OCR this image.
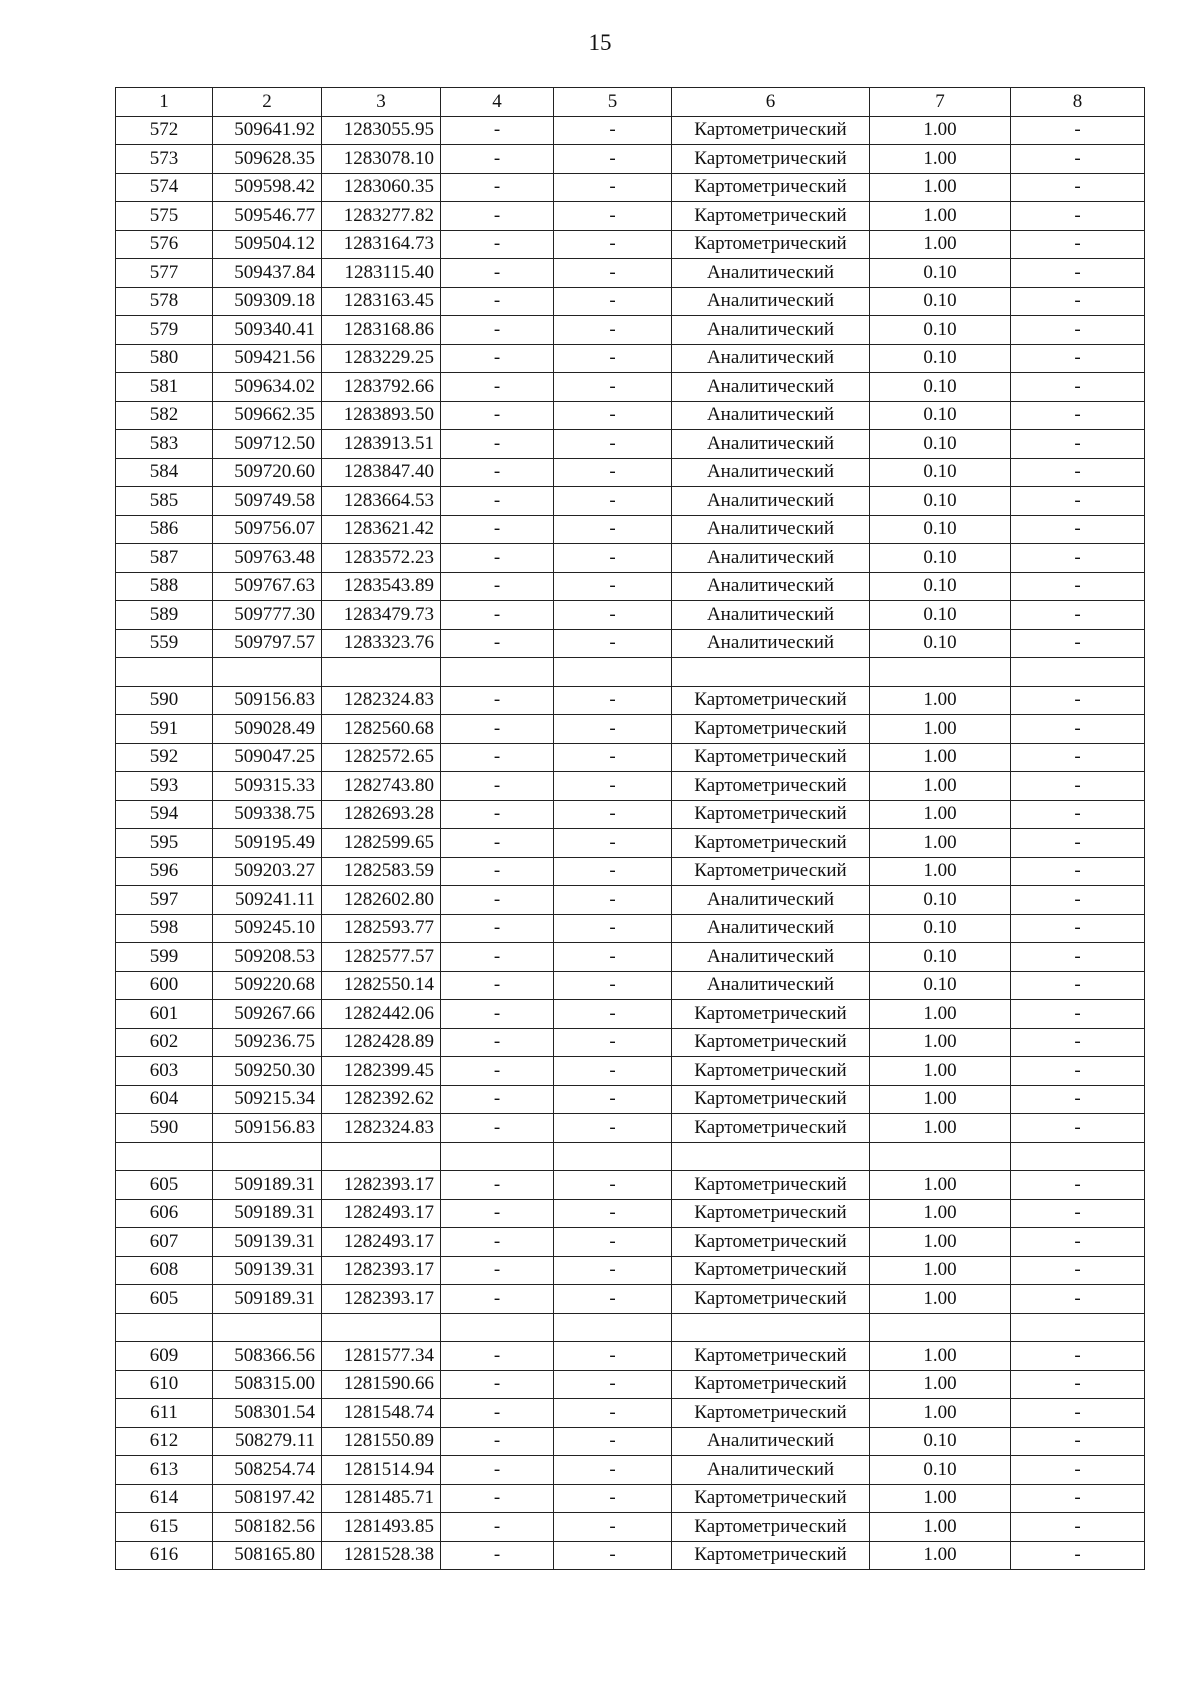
15
1	2	3	4	5	6	7	8
572	509641.92	1283055.95	-	-	Картометрический	1.00	-
573	509628.35	1283078.10	-	-	Картометрический	1.00	-
574	509598.42	1283060.35	-	-	Картометрический	1.00	-
575	509546.77	1283277.82	-	-	Картометрический	1.00	-
576	509504.12	1283164.73	-	-	Картометрический	1.00	-
577	509437.84	1283115.40	-	-	Аналитический	0.10	-
578	509309.18	1283163.45	-	-	Аналитический	0.10	-
579	509340.41	1283168.86	-	-	Аналитический	0.10	-
580	509421.56	1283229.25	-	-	Аналитический	0.10	-
581	509634.02	1283792.66	-	-	Аналитический	0.10	-
582	509662.35	1283893.50	-	-	Аналитический	0.10	-
583	509712.50	1283913.51	-	-	Аналитический	0.10	-
584	509720.60	1283847.40	-	-	Аналитический	0.10	-
585	509749.58	1283664.53	-	-	Аналитический	0.10	-
586	509756.07	1283621.42	-	-	Аналитический	0.10	-
587	509763.48	1283572.23	-	-	Аналитический	0.10	-
588	509767.63	1283543.89	-	-	Аналитический	0.10	-
589	509777.30	1283479.73	-	-	Аналитический	0.10	-
559	509797.57	1283323.76	-	-	Аналитический	0.10	-

590	509156.83	1282324.83	-	-	Картометрический	1.00	-
591	509028.49	1282560.68	-	-	Картометрический	1.00	-
592	509047.25	1282572.65	-	-	Картометрический	1.00	-
593	509315.33	1282743.80	-	-	Картометрический	1.00	-
594	509338.75	1282693.28	-	-	Картометрический	1.00	-
595	509195.49	1282599.65	-	-	Картометрический	1.00	-
596	509203.27	1282583.59	-	-	Картометрический	1.00	-
597	509241.11	1282602.80	-	-	Аналитический	0.10	-
598	509245.10	1282593.77	-	-	Аналитический	0.10	-
599	509208.53	1282577.57	-	-	Аналитический	0.10	-
600	509220.68	1282550.14	-	-	Аналитический	0.10	-
601	509267.66	1282442.06	-	-	Картометрический	1.00	-
602	509236.75	1282428.89	-	-	Картометрический	1.00	-
603	509250.30	1282399.45	-	-	Картометрический	1.00	-
604	509215.34	1282392.62	-	-	Картометрический	1.00	-
590	509156.83	1282324.83	-	-	Картометрический	1.00	-

605	509189.31	1282393.17	-	-	Картометрический	1.00	-
606	509189.31	1282493.17	-	-	Картометрический	1.00	-
607	509139.31	1282493.17	-	-	Картометрический	1.00	-
608	509139.31	1282393.17	-	-	Картометрический	1.00	-
605	509189.31	1282393.17	-	-	Картометрический	1.00	-

609	508366.56	1281577.34	-	-	Картометрический	1.00	-
610	508315.00	1281590.66	-	-	Картометрический	1.00	-
611	508301.54	1281548.74	-	-	Картометрический	1.00	-
612	508279.11	1281550.89	-	-	Аналитический	0.10	-
613	508254.74	1281514.94	-	-	Аналитический	0.10	-
614	508197.42	1281485.71	-	-	Картометрический	1.00	-
615	508182.56	1281493.85	-	-	Картометрический	1.00	-
616	508165.80	1281528.38	-	-	Картометрический	1.00	-
